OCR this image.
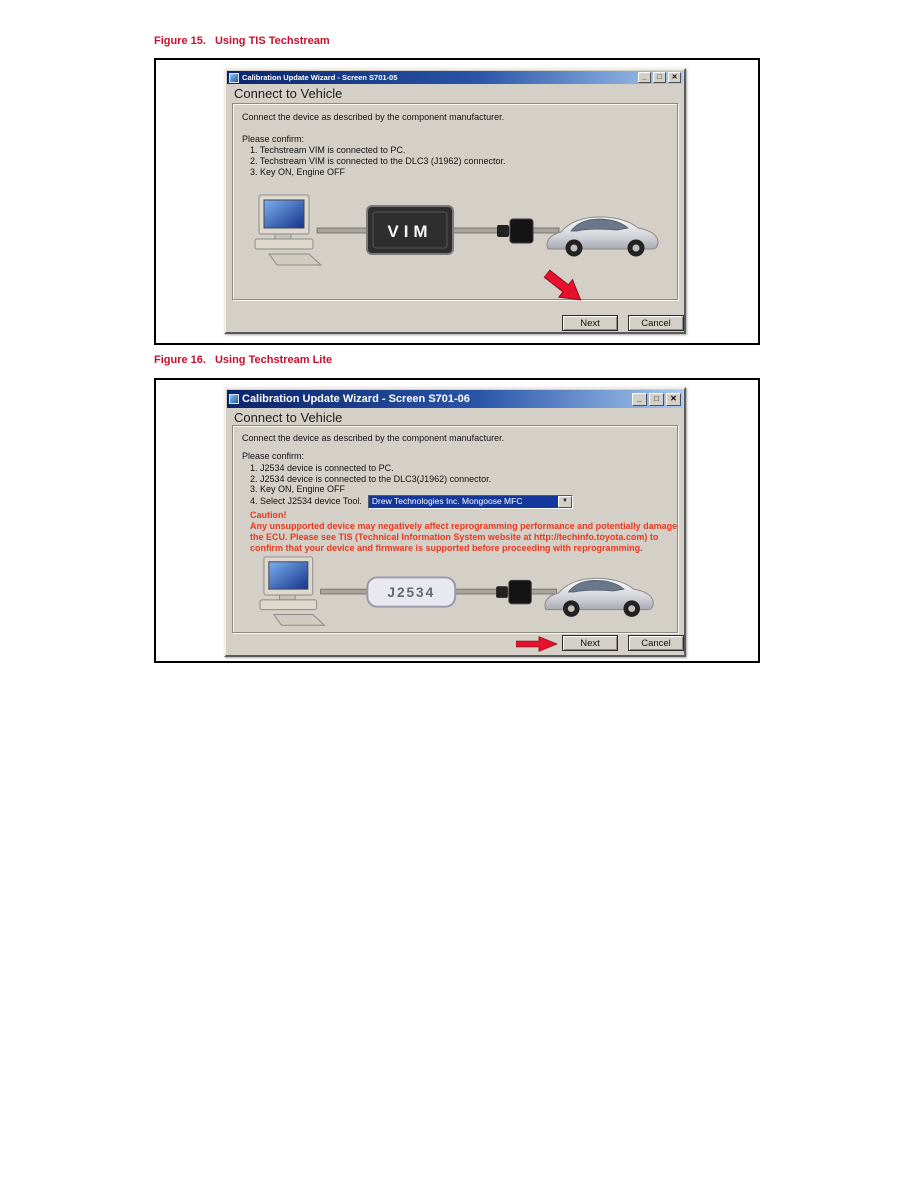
Figure 15. Using TIS Techstream
Calibration Update Wizard - Screen S701-05	_	□	✕
Connect to Vehicle
Connect the device as described by the component manufacturer.
Please confirm:
1. Techstream VIM is connected to PC.
2. Techstream VIM is connected to the DLC3 (J1962) connector.
3. Key ON, Engine OFF
VIM
Next	Cancel
Figure 16. Using Techstream Lite
Calibration Update Wizard - Screen S701-06	_	□	✕
Connect to Vehicle
Connect the device as described by the component manufacturer.
Please confirm:
1. J2534 device is connected to PC.
2. J2534 device is connected to the DLC3(J1962) connector.
3. Key ON, Engine OFF
4. Select J2534 device Tool.	Drew Technologies Inc. Mongoose MFC	▼
Caution!
Any unsupported device may negatively affect reprogramming performance and potentially damage the ECU. Please see TIS (Technical Information System website at http://techinfo.toyota.com) to confirm that your device and firmware is supported before proceeding with reprogramming.
J2534
Next	Cancel
